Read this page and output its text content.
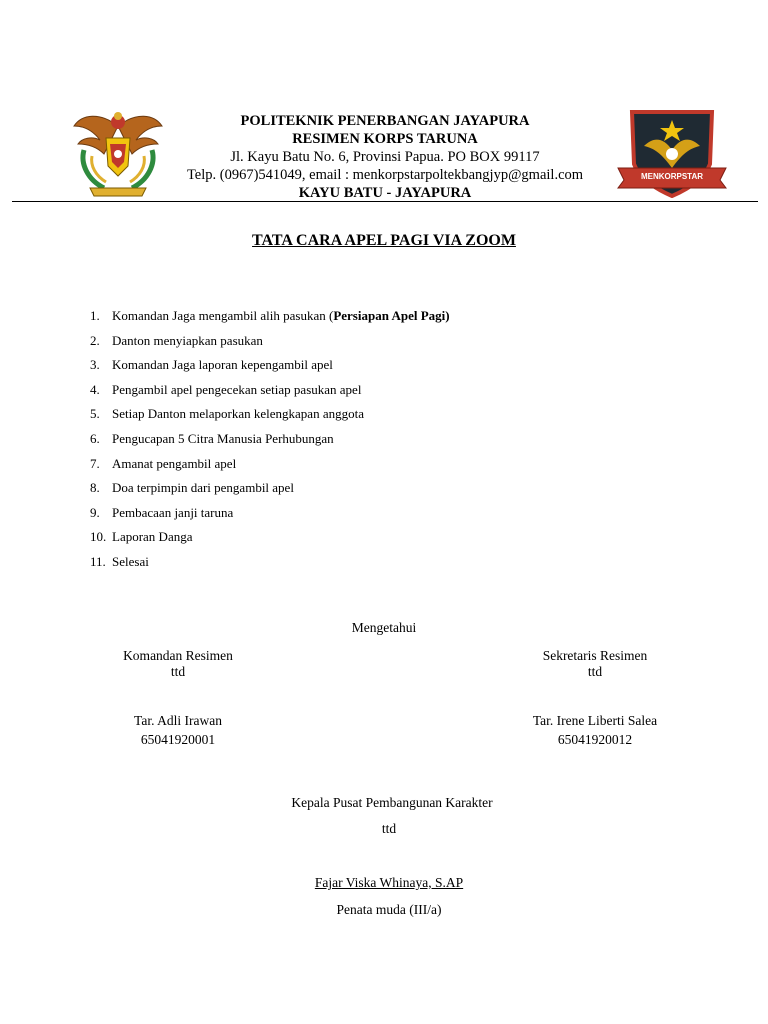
MENKORPSTAR
POLITEKNIK PENERBANGAN JAYAPURA
RESIMEN KORPS TARUNA
Jl. Kayu Batu No. 6, Provinsi Papua. PO BOX 99117
Telp. (0967)541049, email : menkorpstarpoltekbangjyp@gmail.com
KAYU BATU - JAYAPURA
TATA CARA APEL PAGI VIA ZOOM
1. Komandan Jaga mengambil alih pasukan (Persiapan Apel Pagi)
2. Danton menyiapkan pasukan
3. Komandan Jaga laporan kepengambil apel
4. Pengambil apel pengecekan setiap pasukan apel
5. Setiap Danton melaporkan kelengkapan anggota
6. Pengucapan 5 Citra Manusia Perhubungan
7. Amanat pengambil apel
8. Doa terpimpin dari pengambil apel
9. Pembacaan janji taruna
10. Laporan Danga
11. Selesai
Mengetahui
Komandan Resimen
ttd
Tar. Adli Irawan
65041920001
Sekretaris Resimen
ttd
Tar. Irene Liberti Salea
65041920012
Kepala Pusat Pembangunan Karakter
ttd
Fajar Viska Whinaya, S.AP
Penata muda (III/a)
